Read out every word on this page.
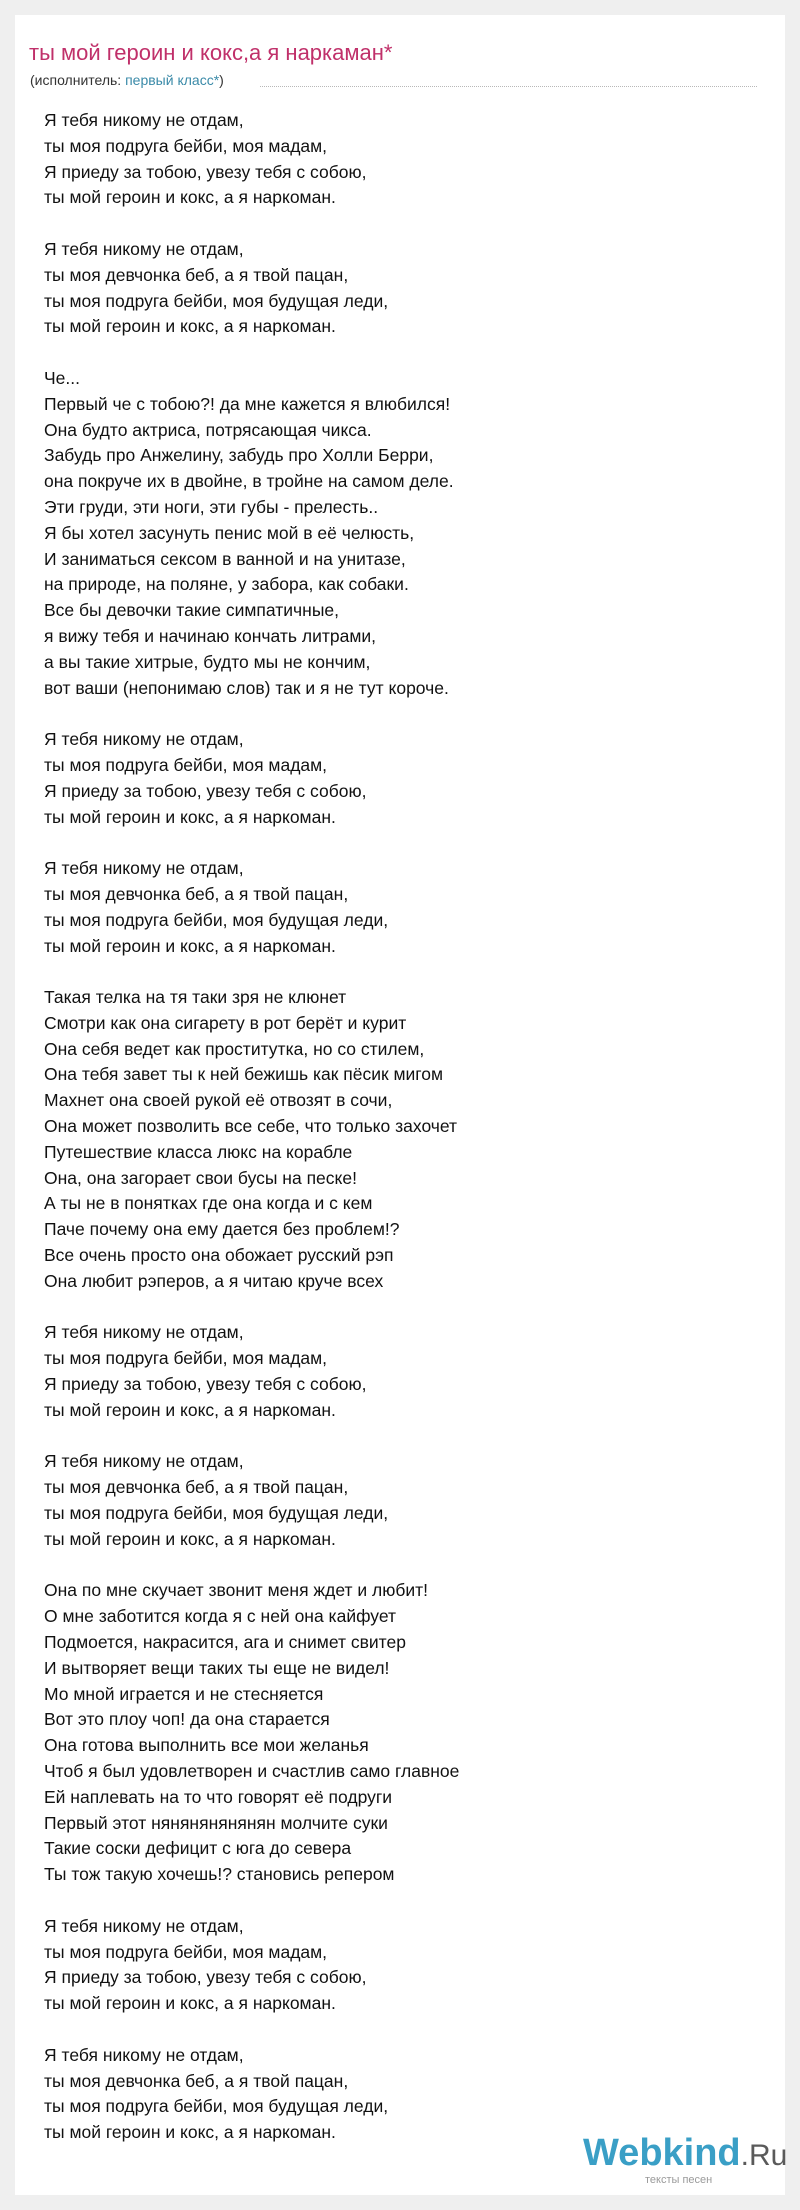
ты мой героин и кокс,а я наркаман*
(исполнитель: первый класс*)
Я тебя никому не отдам,
ты моя подруга бейби, моя мадам,
Я приеду за тобою, увезу тебя с собою,
ты мой героин и кокс, а я наркоман.
Я тебя никому не отдам,
ты моя девчонка беб, а я твой пацан,
ты моя подруга бейби, моя будущая леди,
ты мой героин и кокс, а я наркоман.
Че...
Первый че с тобою?! да мне кажется я влюбился!
Она будто актриса, потрясающая чикса.
Забудь про Анжелину, забудь про Холли Берри,
она покруче их в двойне, в тройне на самом деле.
Эти груди, эти ноги, эти губы - прелесть..
Я бы хотел засунуть пенис мой в её челюсть,
И заниматься сексом в ванной и на унитазе,
на природе, на поляне, у забора, как собаки.
Все бы девочки такие симпатичные,
я вижу тебя и начинаю кончать литрами,
а вы такие хитрые, будто мы не кончим,
вот ваши (непонимаю слов) так и я не тут короче.
Я тебя никому не отдам,
ты моя подруга бейби, моя мадам,
Я приеду за тобою, увезу тебя с собою,
ты мой героин и кокс, а я наркоман.
Я тебя никому не отдам,
ты моя девчонка беб, а я твой пацан,
ты моя подруга бейби, моя будущая леди,
ты мой героин и кокс, а я наркоман.
Такая телка на тя таки зря не клюнет
Смотри как она сигарету в рот берёт и курит
Она себя ведет как проститутка, но со стилем,
Она тебя завет ты к ней бежишь как пёсик мигом
Махнет она своей рукой её отвозят в сочи,
Она может позволить все себе, что только захочет
Путешествие класса люкс на корабле
Она, она загорает свои бусы на песке!
А ты не в понятках где она когда и с кем
Паче почему она ему дается без проблем!?
Все очень просто она обожает русский рэп
Она любит рэперов, а я читаю круче всех
Я тебя никому не отдам,
ты моя подруга бейби, моя мадам,
Я приеду за тобою, увезу тебя с собою,
ты мой героин и кокс, а я наркоман.
Я тебя никому не отдам,
ты моя девчонка беб, а я твой пацан,
ты моя подруга бейби, моя будущая леди,
ты мой героин и кокс, а я наркоман.
Она по мне скучает звонит меня ждет и любит!
О мне заботится когда я с ней она кайфует
Подмоется, накрасится, ага и снимет свитер
И вытворяет вещи таких ты еще не видел!
Мо мной играется и не стесняется
Вот это плоу чоп! да она старается
Она готова выполнить все мои желанья
Чтоб я был удовлетворен и счастлив само главное
Ей наплевать на то что говорят её подруги
Первый этот нянянянянянян молчите суки
Такие соски дефицит с юга до севера
Ты тож такую хочешь!? становись репером
Я тебя никому не отдам,
ты моя подруга бейби, моя мадам,
Я приеду за тобою, увезу тебя с собою,
ты мой героин и кокс, а я наркоман.
Я тебя никому не отдам,
ты моя девчонка беб, а я твой пацан,
ты моя подруга бейби, моя будущая леди,
ты мой героин и кокс, а я наркоман.	Webkind.Ru
тексты песен
